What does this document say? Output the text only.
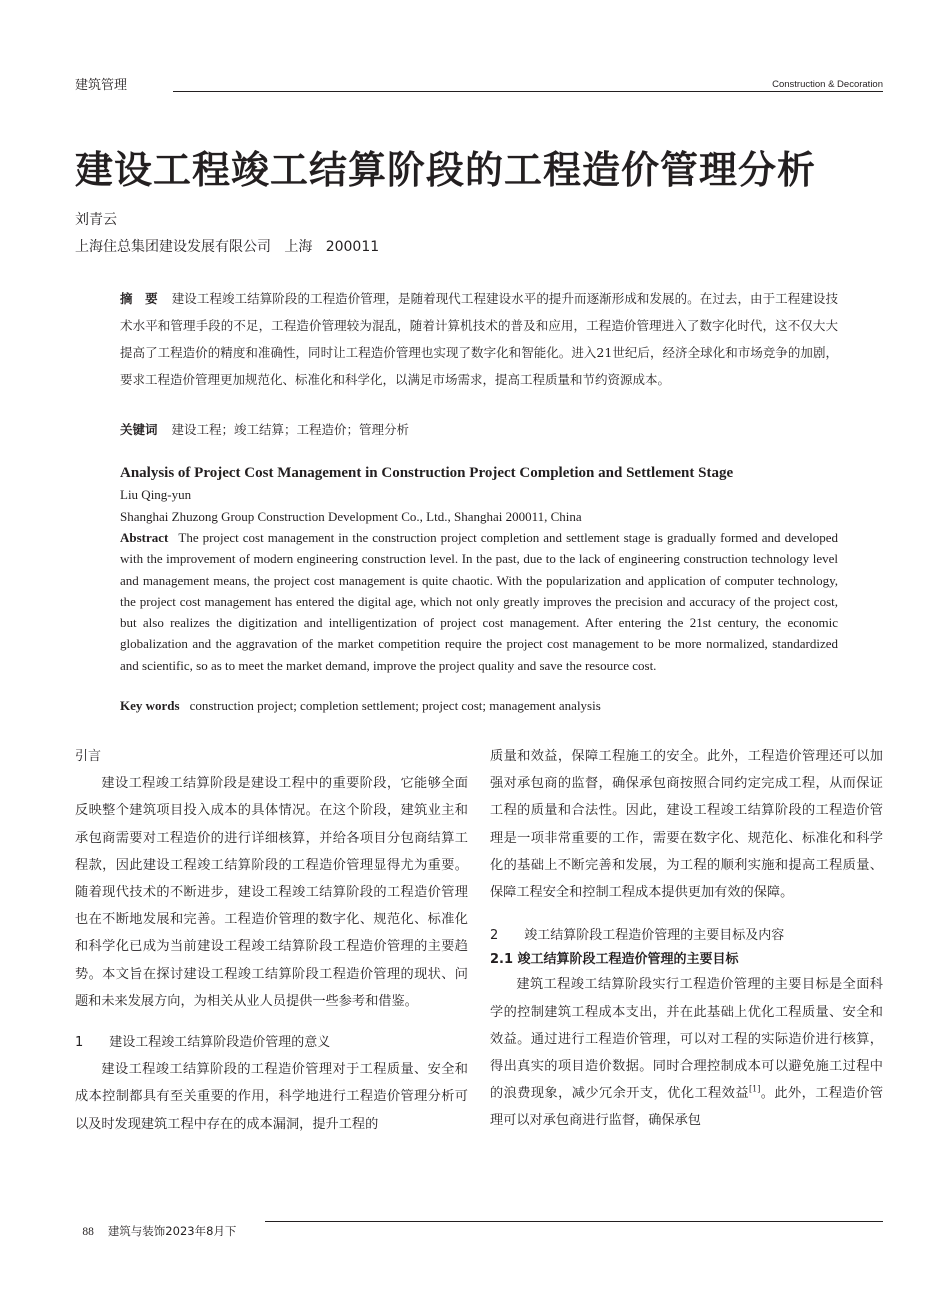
建筑管理	Construction & Decoration
建设工程竣工结算阶段的工程造价管理分析
刘青云
上海住总集团建设发展有限公司   上海   200011
摘　要 建设工程竣工结算阶段的工程造价管理，是随着现代工程建设水平的提升而逐渐形成和发展的。在过去，由于工程建设技术水平和管理手段的不足，工程造价管理较为混乱，随着计算机技术的普及和应用，工程造价管理进入了数字化时代，这不仅大大提高了工程造价的精度和准确性，同时让工程造价管理也实现了数字化和智能化。进入21世纪后，经济全球化和市场竞争的加剧，要求工程造价管理更加规范化、标准化和科学化，以满足市场需求，提高工程质量和节约资源成本。
关键词 建设工程；竣工结算；工程造价；管理分析
Analysis of Project Cost Management in Construction Project Completion and Settlement Stage
Liu Qing-yun
Shanghai Zhuzong Group Construction Development Co., Ltd., Shanghai 200011, China
Abstract The project cost management in the construction project completion and settlement stage is gradually formed and developed with the improvement of modern engineering construction level. In the past, due to the lack of engineering construction technology level and management means, the project cost management is quite chaotic. With the popularization and application of computer technology, the project cost management has entered the digital age, which not only greatly improves the precision and accuracy of the project cost, but also realizes the digitization and intelligentization of project cost management. After entering the 21st century, the economic globalization and the aggravation of the market competition require the project cost management to be more normalized, standardized and scientific, so as to meet the market demand, improve the project quality and save the resource cost.
Key words construction project; completion settlement; project cost; management analysis

引言

建设工程竣工结算阶段是建设工程中的重要阶段，它能够全面反映整个建筑项目投入成本的具体情况。在这个阶段，建筑业主和承包商需要对工程造价的进行详细核算，并给各项目分包商结算工程款，因此建设工程竣工结算阶段的工程造价管理显得尤为重要。随着现代技术的不断进步，建设工程竣工结算阶段的工程造价管理也在不断地发展和完善。工程造价管理的数字化、规范化、标准化和科学化已成为当前建设工程竣工结算阶段工程造价管理的主要趋势。本文旨在探讨建设工程竣工结算阶段工程造价管理的现状、问题和未来发展方向，为相关从业人员提供一些参考和借鉴。

1　　建设工程竣工结算阶段造价管理的意义

建设工程竣工结算阶段的工程造价管理对于工程质量、安全和成本控制都具有至关重要的作用，科学地进行工程造价管理分析可以及时发现建筑工程中存在的成本漏洞，提升工程的

质量和效益，保障工程施工的安全。此外，工程造价管理还可以加强对承包商的监督，确保承包商按照合同约定完成工程，从而保证工程的质量和合法性。因此，建设工程竣工结算阶段的工程造价管理是一项非常重要的工作，需要在数字化、规范化、标准化和科学化的基础上不断完善和发展，为工程的顺利实施和提高工程质量、保障工程安全和控制工程成本提供更加有效的保障。

2　　竣工结算阶段工程造价管理的主要目标及内容

2.1 竣工结算阶段工程造价管理的主要目标

建筑工程竣工结算阶段实行工程造价管理的主要目标是全面科学的控制建筑工程成本支出，并在此基础上优化工程质量、安全和效益。通过进行工程造价管理，可以对工程的实际造价进行核算，得出真实的项目造价数据。同时合理控制成本可以避免施工过程中的浪费现象，减少冗余开支，优化工程效益[1]。此外，工程造价管理可以对承包商进行监督，确保承包

88 建筑与装饰2023年8月下
